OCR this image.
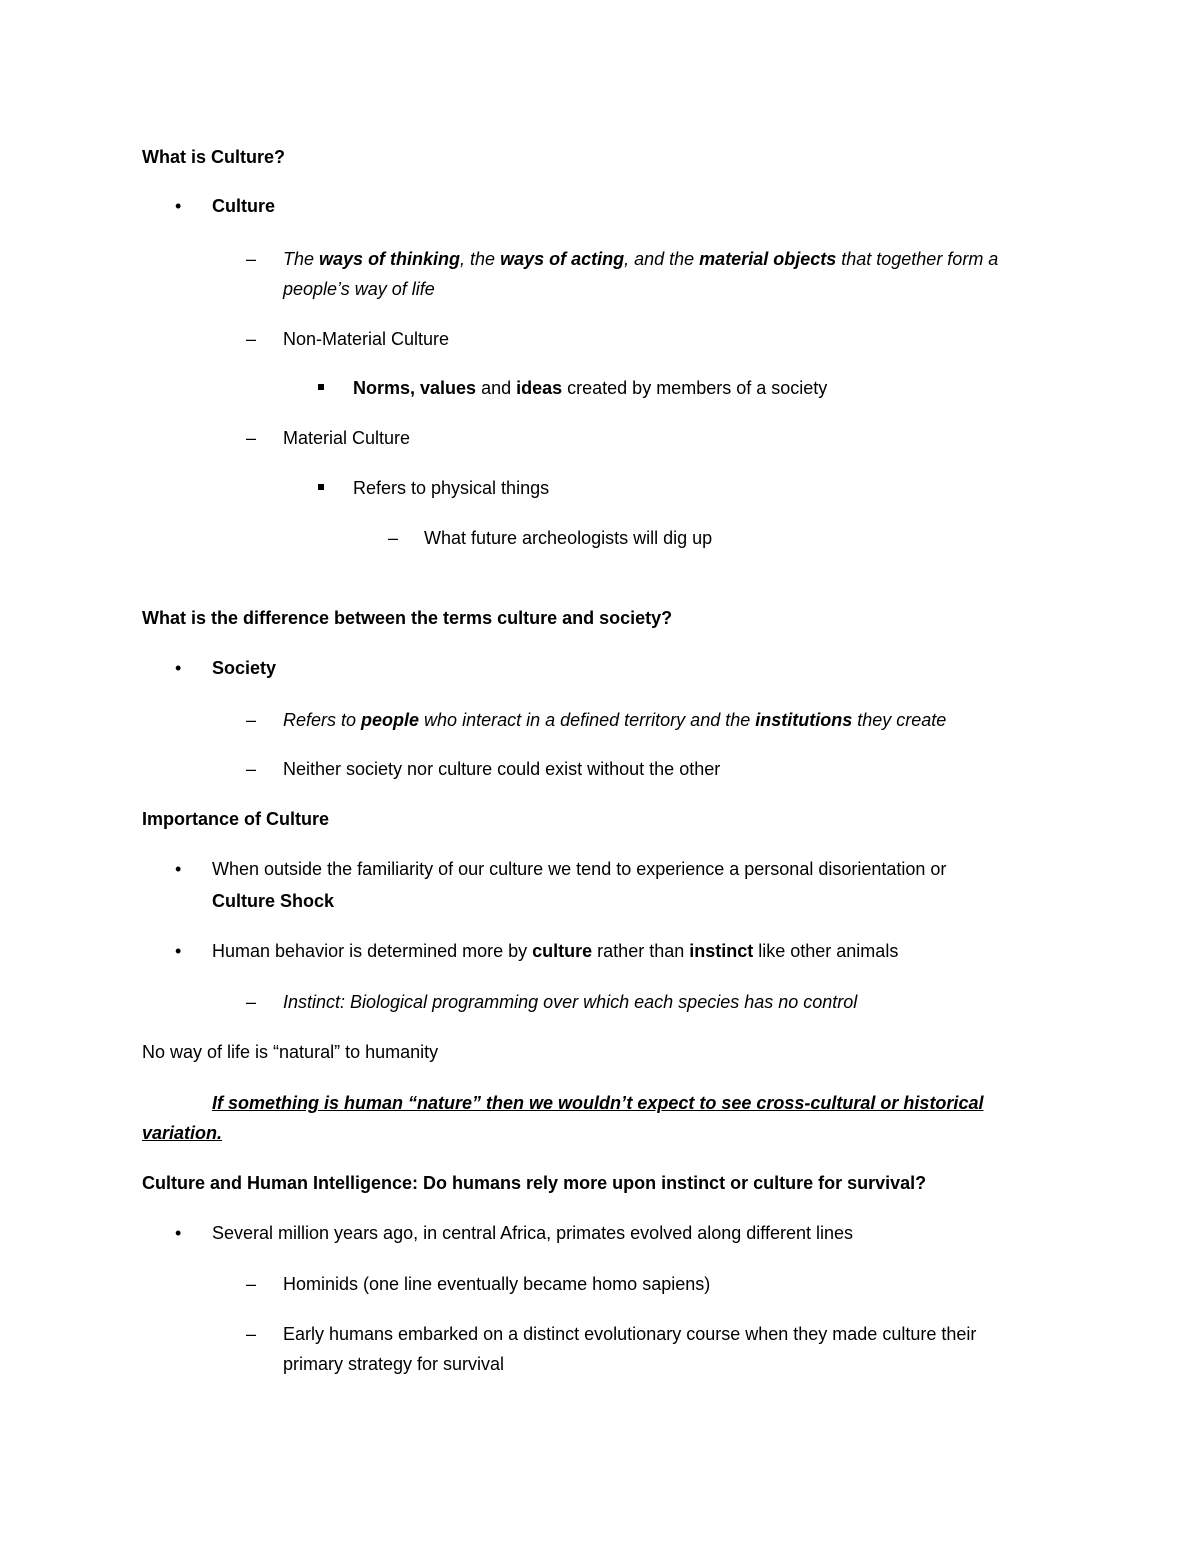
What is Culture?
• Culture
– The ways of thinking, the ways of acting, and the material objects that together form a
people’s way of life
– Non-Material Culture
Norms, values and ideas created by members of a society
– Material Culture
Refers to physical things
– What future archeologists will dig up
What is the difference between the terms culture and society?
• Society
– Refers to people who interact in a defined territory and the institutions they create
– Neither society nor culture could exist without the other
Importance of Culture
• When outside the familiarity of our culture we tend to experience a personal disorientation or
Culture Shock
• Human behavior is determined more by culture rather than instinct like other animals
– Instinct: Biological programming over which each species has no control
No way of life is “natural” to humanity
If something is human “nature” then we wouldn’t expect to see cross-cultural or historical
variation.
Culture and Human Intelligence: Do humans rely more upon instinct or culture for survival?
• Several million years ago, in central Africa, primates evolved along different lines
– Hominids (one line eventually became homo sapiens)
– Early humans embarked on a distinct evolutionary course when they made culture their
primary strategy for survival
